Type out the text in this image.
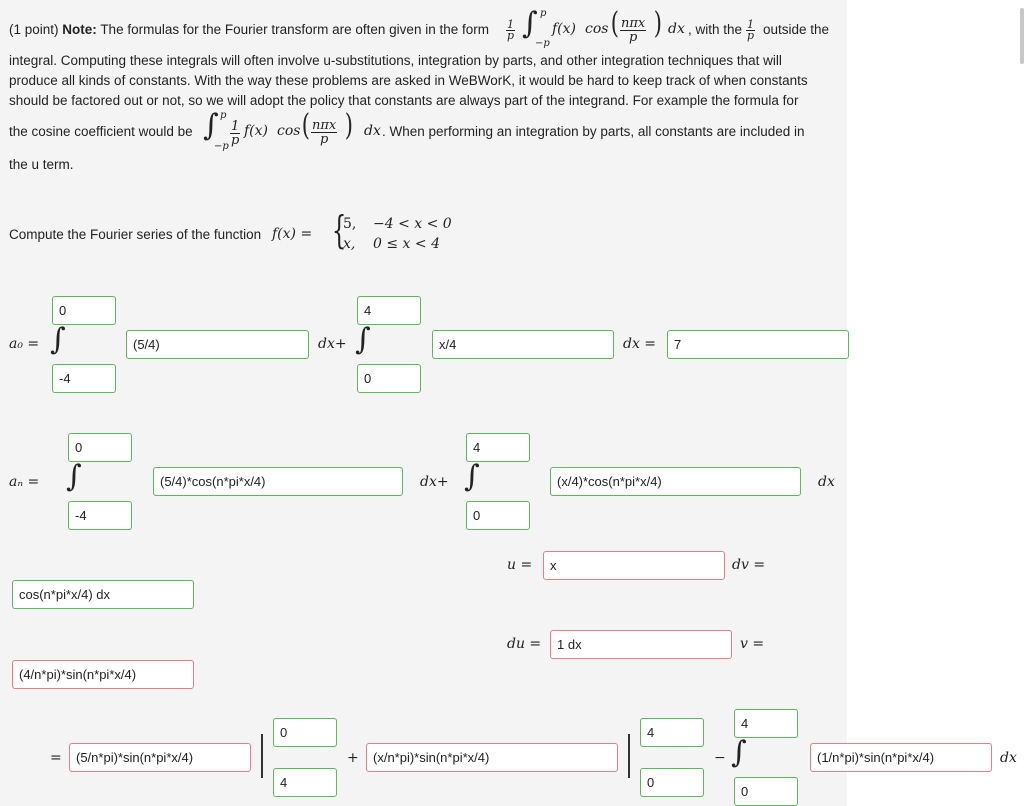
(1 point) Note: The formulas for the Fourier transform are often given in the form $\frac{1}{p}$ ∫ p
−p
f(x) cos ( nπx
p ) dx , with the $\frac{1}{p}$ outside the
integral. Computing these integrals will often involve u-substitutions, integration by parts, and other integration techniques that will
produce all kinds of constants. With the way these problems are asked in WeBWorK, it would be hard to keep track of when constants
should be factored out or not, so we will adopt the policy that constants are always part of the integrand. For example the formula for
the cosine coefficient would be ∫ p
$-p \frac{1}{p} f(x)$ cos ( nπx
p ) dx . When performing an integration by parts, all constants are included in
the u term.
Compute the Fourier series of the function f(x) = {
5, −4 < x < 0
x, 0 ≤ x < 4
a₀ =
0
∫
-4
(5/4)	dx+
4
∫
0
x/4	dx =	7
aₙ =
0
∫
-4
(5/4)*cos(n*pi*x/4)	dx+
4
∫
0
(x/4)*cos(n*pi*x/4)	dx
u =	x	dv =
cos(n*pi*x/4) dx
du =	1 dx	v =
(4/n*pi)*sin(n*pi*x/4)
=	(5/n*pi)*sin(n*pi*x/4)
0
4
+	(x/n*pi)*sin(n*pi*x/4)
4
0
−
4
∫
0
(1/n*pi)*sin(n*pi*x/4)	dx
